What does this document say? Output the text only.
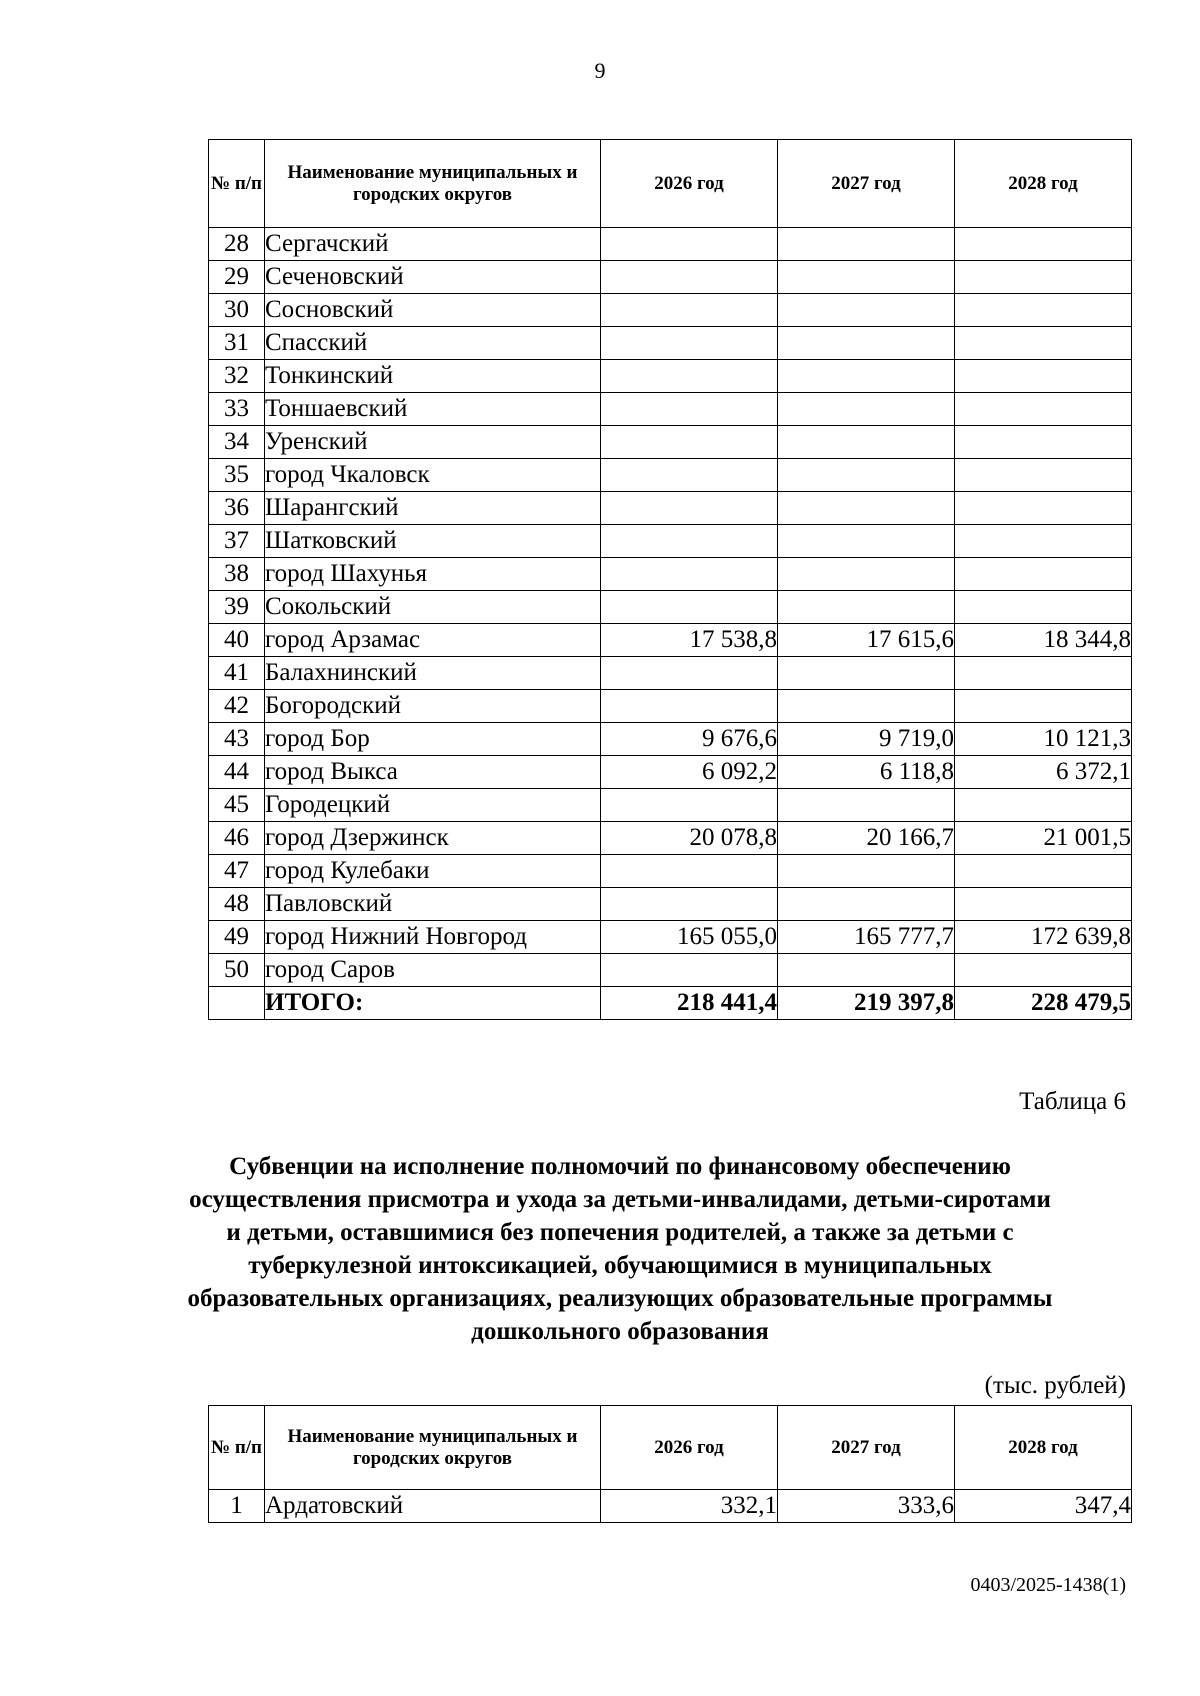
9
№ п/п	Наименование муниципальных и городских округов	2026 год	2027 год	2028 год
28	Сергачский			
29	Сеченовский			
30	Сосновский			
31	Спасский			
32	Тонкинский			
33	Тоншаевский			
34	Уренский			
35	город Чкаловск			
36	Шарангский			
37	Шатковский			
38	город Шахунья			
39	Сокольский			
40	город Арзамас	17 538,8	17 615,6	18 344,8
41	Балахнинский			
42	Богородский			
43	город Бор	9 676,6	9 719,0	10 121,3
44	город Выкса	6 092,2	6 118,8	6 372,1
45	Городецкий			
46	город Дзержинск	20 078,8	20 166,7	21 001,5
47	город Кулебаки			
48	Павловский			
49	город Нижний Новгород	165 055,0	165 777,7	172 639,8
50	город Саров			
	ИТОГО:	218 441,4	219 397,8	228 479,5
Таблица 6
Субвенции на исполнение полномочий по финансовому обеспечению осуществления присмотра и ухода за детьми-инвалидами, детьми-сиротами и детьми, оставшимися без попечения родителей, а также за детьми с туберкулезной интоксикацией, обучающимися в муниципальных образовательных организациях, реализующих образовательные программы дошкольного образования
(тыс. рублей)
№ п/п	Наименование муниципальных и городских округов	2026 год	2027 год	2028 год
1	Ардатовский	332,1	333,6	347,4
0403/2025-1438(1)
